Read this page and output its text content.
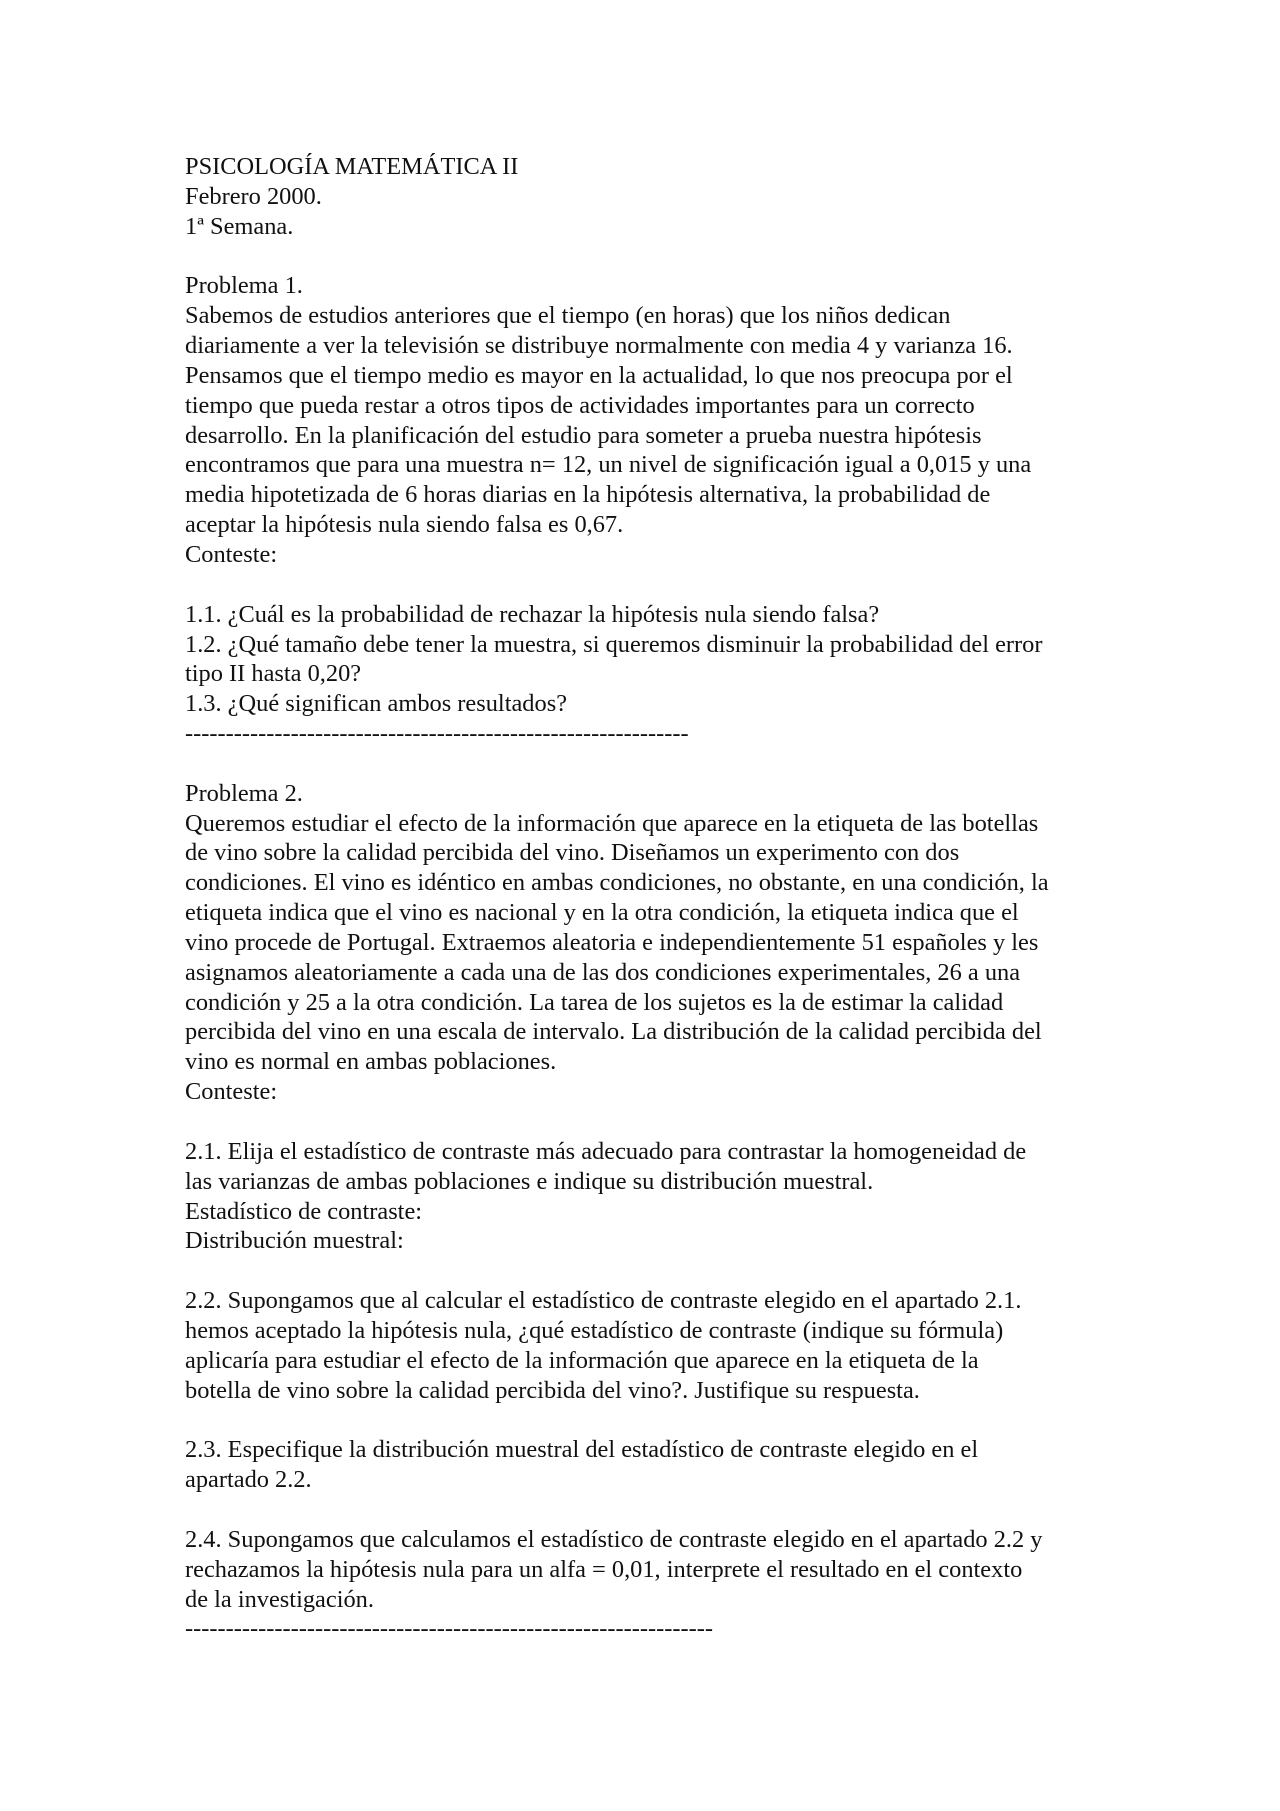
PSICOLOGÍA MATEMÁTICA II
Febrero 2000.
1ª Semana.
Problema 1.
Sabemos de estudios anteriores que el tiempo (en horas) que los niños dedican
diariamente a ver la televisión se distribuye normalmente con media 4 y varianza 16.
Pensamos que el tiempo medio es mayor en la actualidad, lo que nos preocupa por el
tiempo que pueda restar a otros tipos de actividades importantes para un correcto
desarrollo. En la planificación del estudio para someter a prueba nuestra hipótesis
encontramos que para una muestra n= 12, un nivel de significación igual a 0,015 y una
media hipotetizada de 6 horas diarias en la hipótesis alternativa, la probabilidad de
aceptar la hipótesis nula siendo falsa es 0,67.
Conteste:
1.1. ¿Cuál es la probabilidad de rechazar la hipótesis nula siendo falsa?
1.2. ¿Qué tamaño debe tener la muestra, si queremos disminuir la probabilidad del error
tipo II hasta 0,20?
1.3. ¿Qué significan ambos resultados?
--------------------------------------------------------------
Problema 2.
Queremos estudiar el efecto de la información que aparece en la etiqueta de las botellas
de vino sobre la calidad percibida del vino. Diseñamos un experimento con dos
condiciones. El vino es idéntico en ambas condiciones, no obstante, en una condición, la
etiqueta indica que el vino es nacional y en la otra condición, la etiqueta indica que el
vino procede de Portugal. Extraemos aleatoria e independientemente 51 españoles y les
asignamos aleatoriamente a cada una de las dos condiciones experimentales, 26 a una
condición y 25 a la otra condición. La tarea de los sujetos es la de estimar la calidad
percibida del vino en una escala de intervalo. La distribución de la calidad percibida del
vino es normal en ambas poblaciones.
Conteste:
2.1. Elija el estadístico de contraste más adecuado para contrastar la homogeneidad de
las varianzas de ambas poblaciones e indique su distribución muestral.
Estadístico de contraste:
Distribución muestral:
2.2. Supongamos que al calcular el estadístico de contraste elegido en el apartado 2.1.
hemos aceptado la hipótesis nula, ¿qué estadístico de contraste (indique su fórmula)
aplicaría para estudiar el efecto de la información que aparece en la etiqueta de la
botella de vino sobre la calidad percibida del vino?. Justifique su respuesta.
2.3. Especifique la distribución muestral del estadístico de contraste elegido en el
apartado 2.2.
2.4. Supongamos que calculamos el estadístico de contraste elegido en el apartado 2.2 y
rechazamos la hipótesis nula para un alfa = 0,01, interprete el resultado en el contexto
de la investigación.
-----------------------------------------------------------------
